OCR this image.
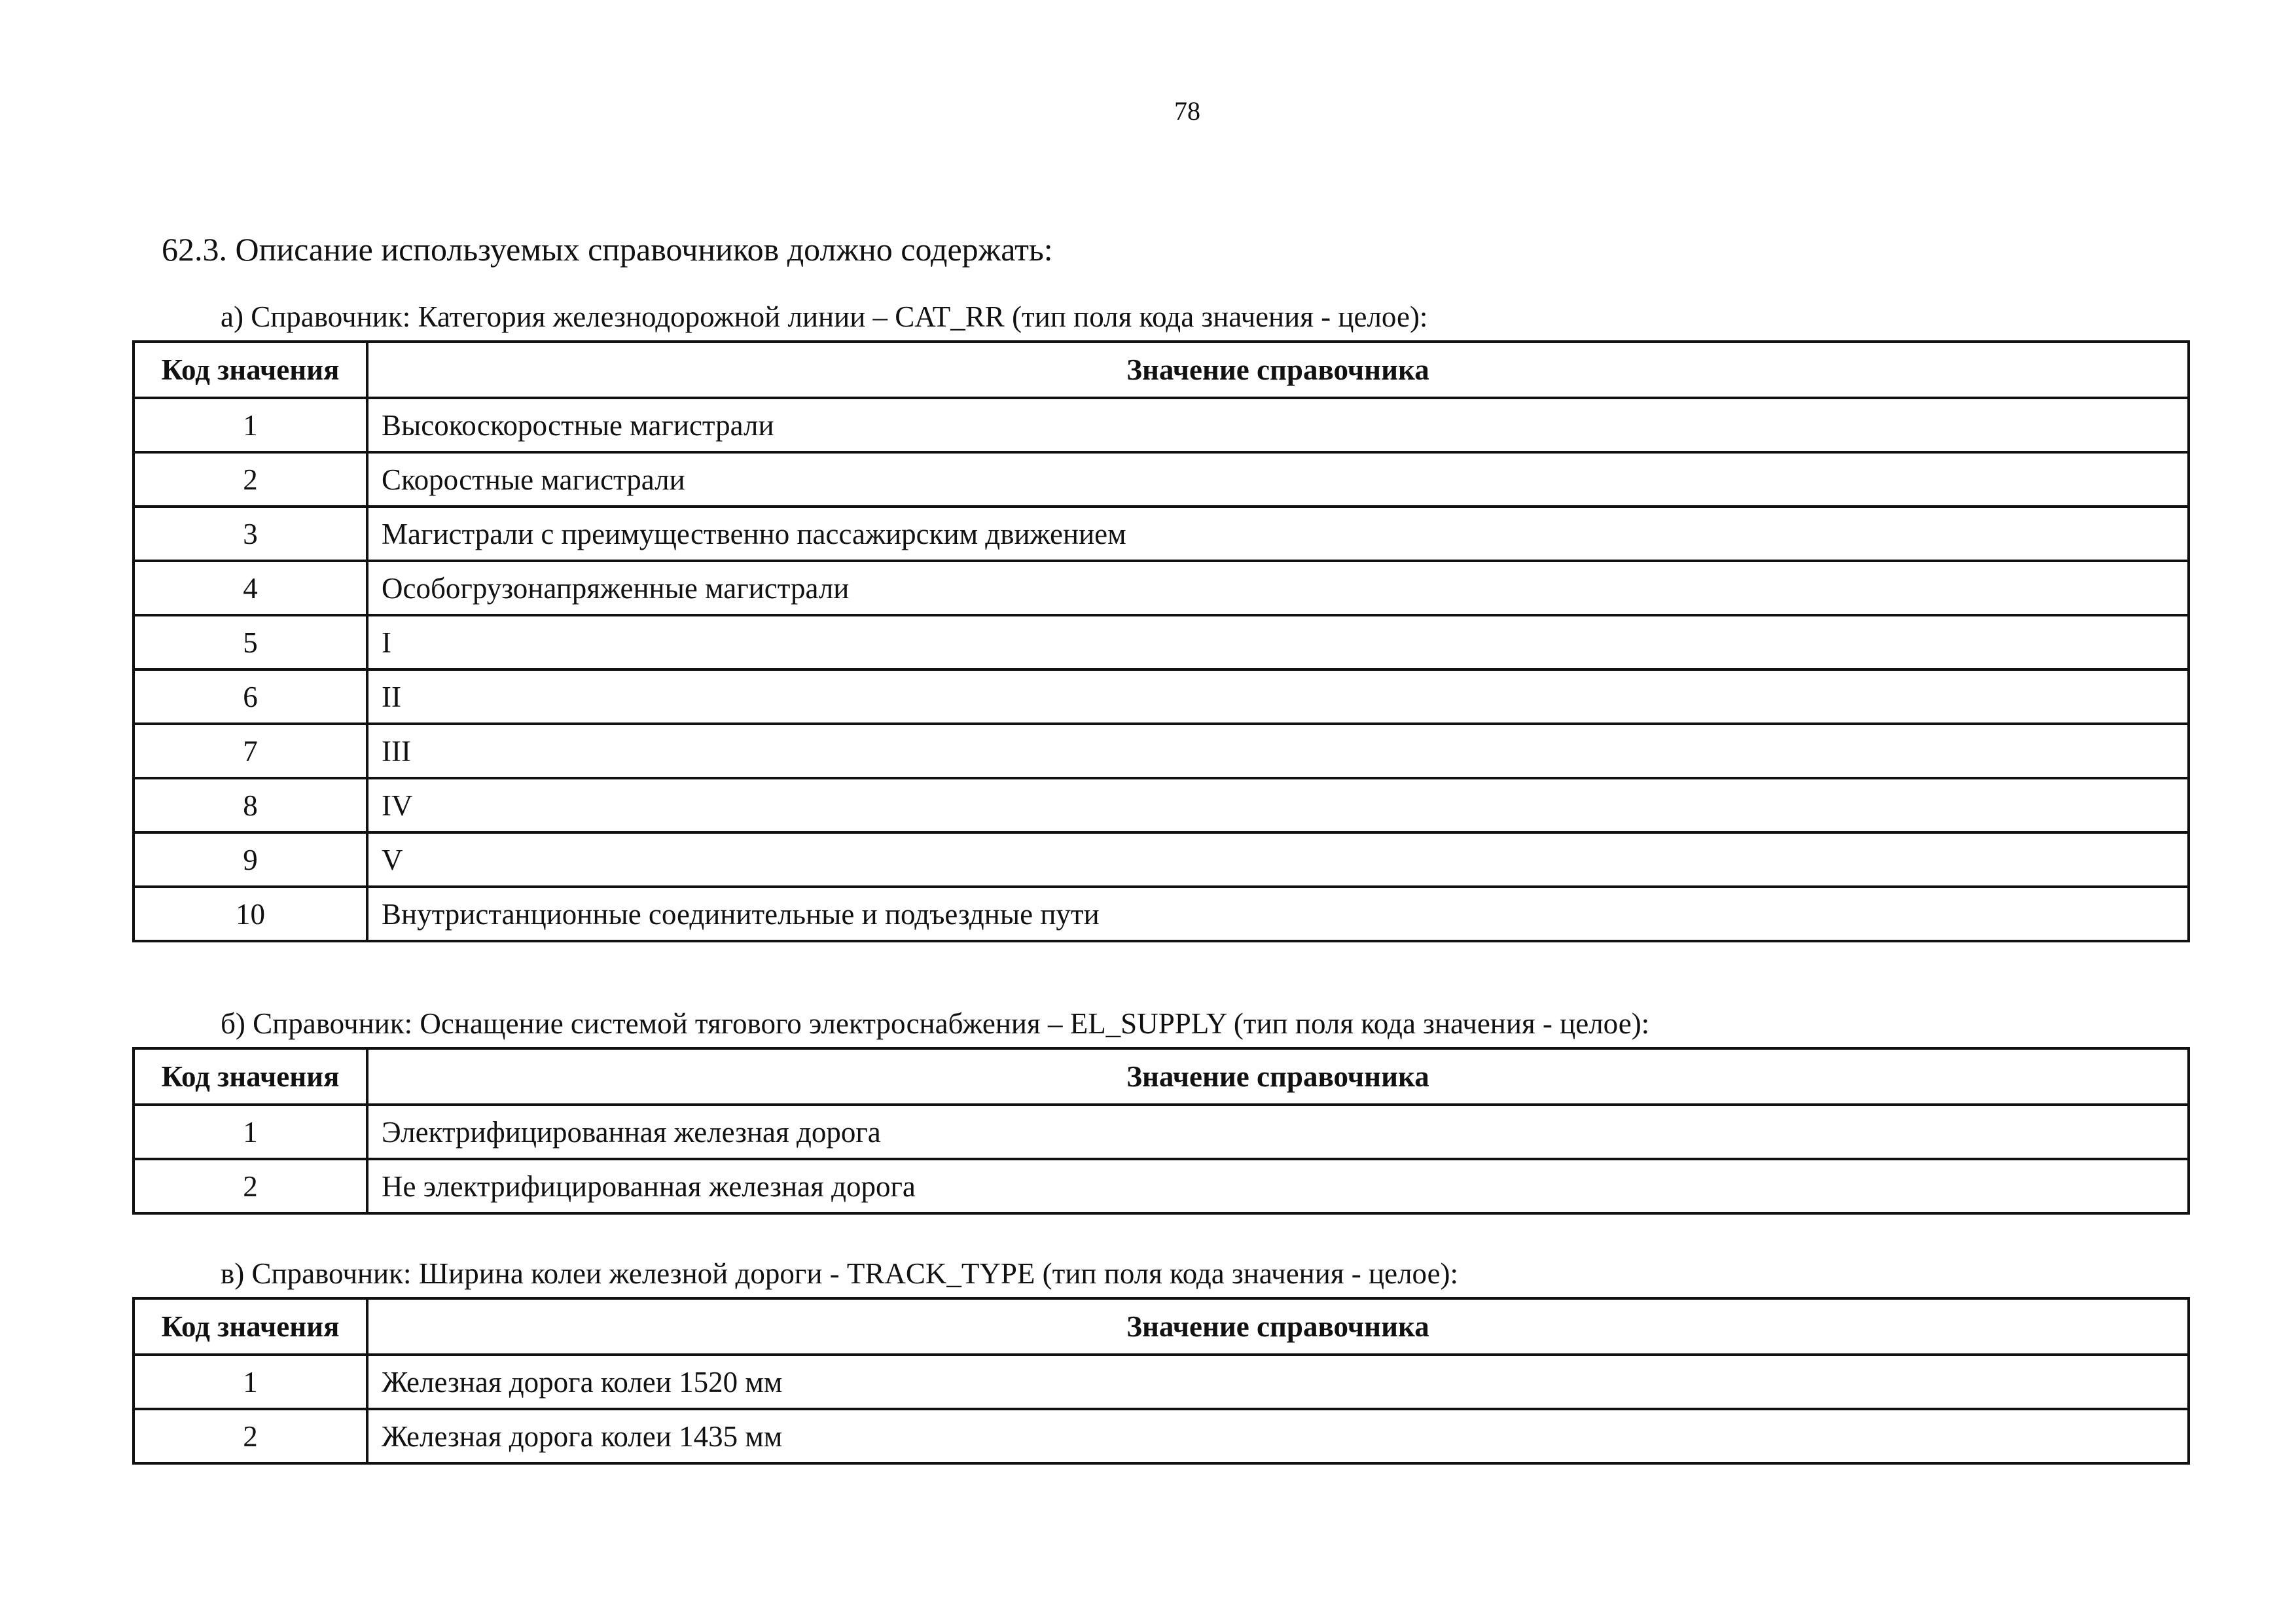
78
62.3. Описание используемых справочников должно содержать:
а) Справочник: Категория железнодорожной линии – CAT_RR (тип поля кода значения - целое):
Код значения	Значение справочника
1	Высокоскоростные магистрали
2	Скоростные магистрали
3	Магистрали с преимущественно пассажирским движением
4	Особогрузонапряженные магистрали
5	I
6	II
7	III
8	IV
9	V
10	Внутристанционные соединительные и подъездные пути
б) Справочник: Оснащение системой тягового электроснабжения – EL_SUPPLY (тип поля кода значения - целое):
Код значения	Значение справочника
1	Электрифицированная железная дорога
2	Не электрифицированная железная дорога
в) Справочник: Ширина колеи железной дороги - TRACK_TYPE (тип поля кода значения - целое):
Код значения	Значение справочника
1	Железная дорога колеи 1520 мм
2	Железная дорога колеи 1435 мм
